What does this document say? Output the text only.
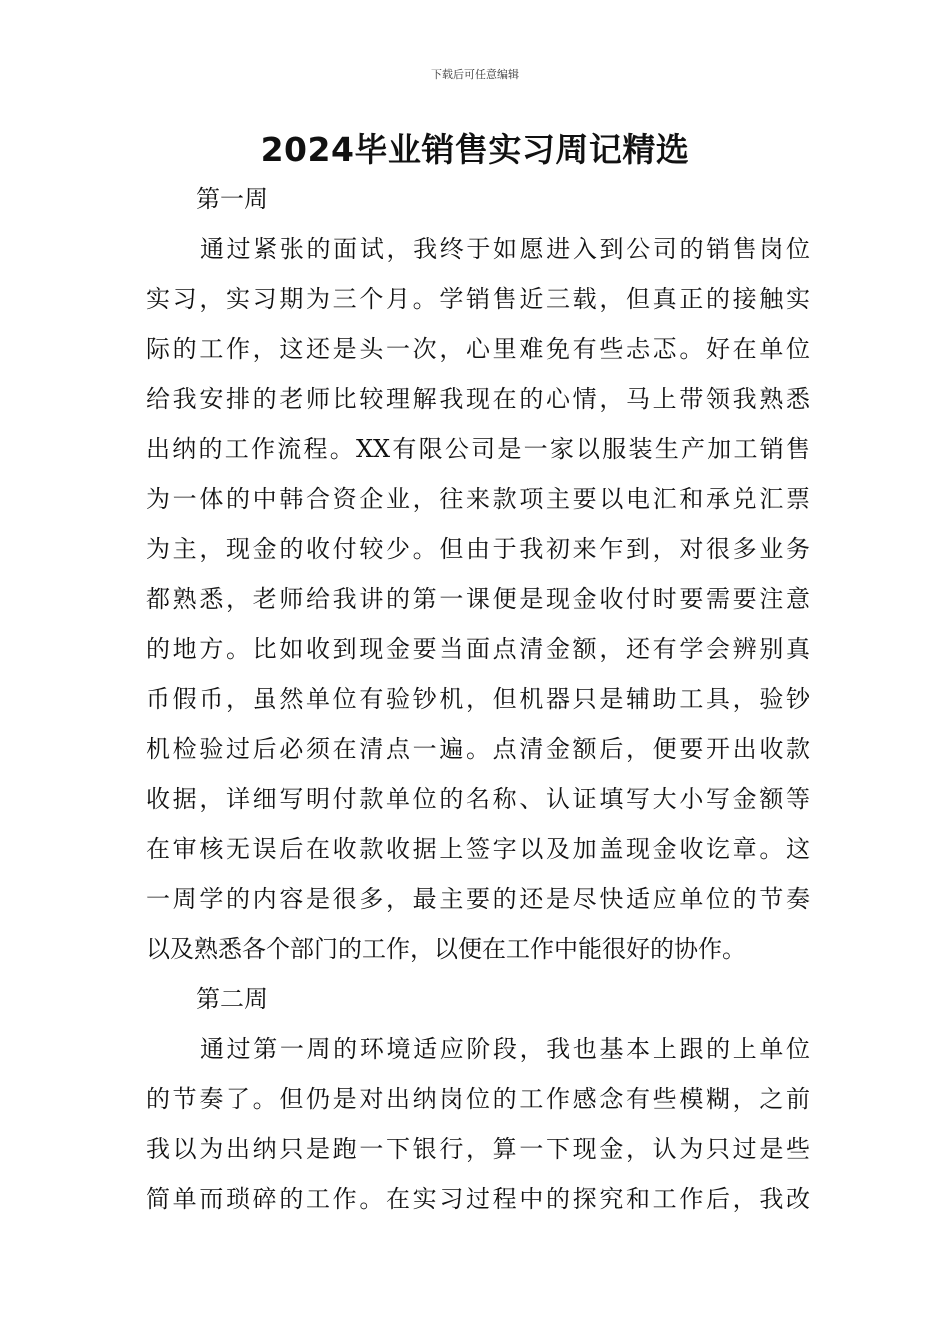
下载后可任意编辑
2024毕业销售实习周记精选
第一周
通过紧张的面试，我终于如愿进入到公司的销售岗位
实习，实习期为三个月。学销售近三载，但真正的接触实
际的工作，这还是头一次，心里难免有些忐忑。好在单位
给我安排的老师比较理解我现在的心情，马上带领我熟悉
出纳的工作流程。XX有限公司是一家以服装生产加工销售
为一体的中韩合资企业，往来款项主要以电汇和承兑汇票
为主，现金的收付较少。但由于我初来乍到，对很多业务
都熟悉，老师给我讲的第一课便是现金收付时要需要注意
的地方。比如收到现金要当面点清金额，还有学会辨别真
币假币，虽然单位有验钞机，但机器只是辅助工具，验钞
机检验过后必须在清点一遍。点清金额后，便要开出收款
收据，详细写明付款单位的名称、认证填写大小写金额等
在审核无误后在收款收据上签字以及加盖现金收讫章。这
一周学的内容是很多，最主要的还是尽快适应单位的节奏
以及熟悉各个部门的工作，以便在工作中能很好的协作。
第二周
通过第一周的环境适应阶段，我也基本上跟的上单位
的节奏了。但仍是对出纳岗位的工作感念有些模糊，之前
我以为出纳只是跑一下银行，算一下现金，认为只过是些
简单而琐碎的工作。在实习过程中的探究和工作后，我改
